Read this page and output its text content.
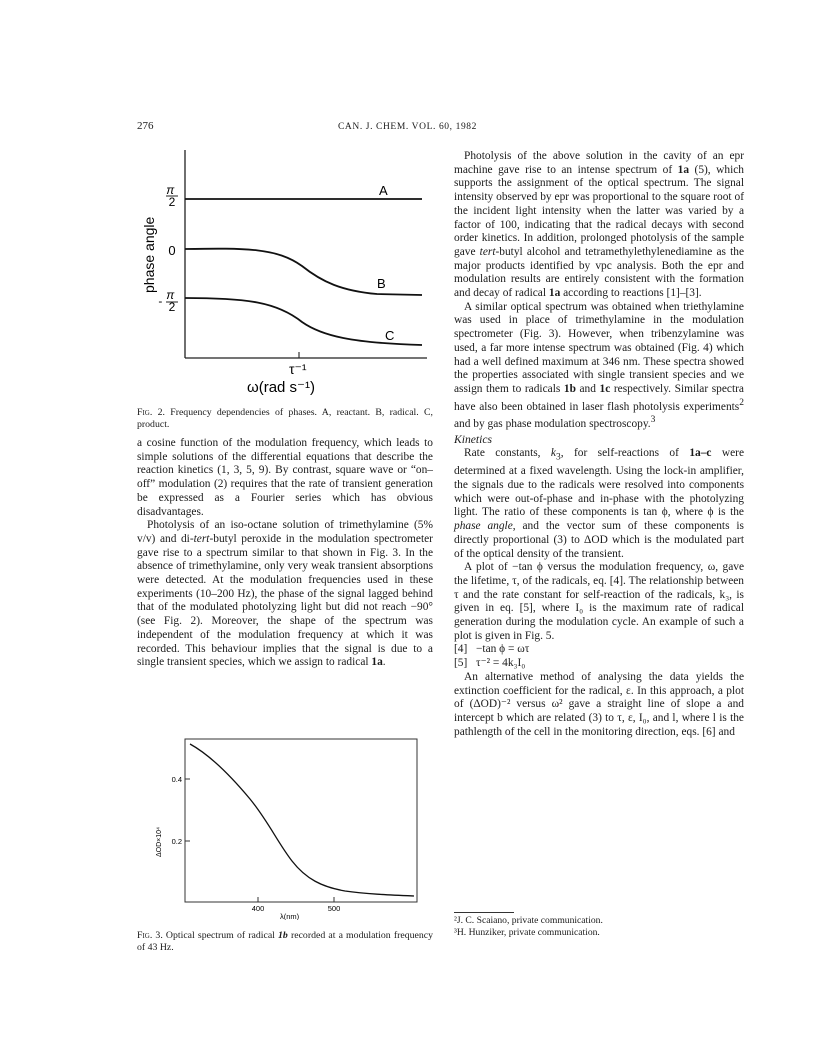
276	CAN. J. CHEM. VOL. 60, 1982
τ⁻¹
ω(rad s⁻¹)
phase angle
π 2
0
- π 2
A
B
C
Fig. 2. Frequency dependencies of phases. A, reactant. B, radical. C, product.

a cosine function of the modulation frequency, which leads to simple solutions of the differential equations that describe the reaction kinetics (1, 3, 5, 9). By contrast, square wave or “on–off” modulation (2) requires that the rate of transient generation be expressed as a Fourier series which has obvious disadvantages.

Photolysis of an iso-octane solution of trimethylamine (5% v/v) and di-tert-butyl peroxide in the modulation spectrometer gave rise to a spectrum similar to that shown in Fig. 3. In the absence of trimethylamine, only very weak transient absorptions were detected. At the modulation frequencies used in these experiments (10–200 Hz), the phase of the signal lagged behind that of the modulated photolyzing light but did not reach −90° (see Fig. 2). Moreover, the shape of the spectrum was independent of the modulation frequency at which it was recorded. This behaviour implies that the signal is due to a single transient species, which we assign to radical 1a.

0.4
0.2
400	500
λ(nm)
ΔOD×10⁴
Fig. 3. Optical spectrum of radical 1b recorded at a modulation frequency of 43 Hz.

Photolysis of the above solution in the cavity of an epr machine gave rise to an intense spectrum of 1a (5), which supports the assignment of the optical spectrum. The signal intensity observed by epr was proportional to the square root of the incident light intensity when the latter was varied by a factor of 100, indicating that the radical decays with second order kinetics. In addition, prolonged photolysis of the sample gave tert-butyl alcohol and tetramethylethylenediamine as the major products identified by vpc analysis. Both the epr and modulation results are entirely consistent with the formation and decay of radical 1a according to reactions [1]–[3].

A similar optical spectrum was obtained when triethylamine was used in place of trimethylamine in the modulation spectrometer (Fig. 3). However, when tribenzylamine was used, a far more intense spectrum was obtained (Fig. 4) which had a well defined maximum at 346 nm. These spectra showed the properties associated with single transient species and we assign them to radicals 1b and 1c respectively. Similar spectra have also been obtained in laser flash photolysis experiments$^2$ and by gas phase modulation spectroscopy.$^3$

Kinetics

Rate constants, $k_3$, for self-reactions of 1a–c were determined at a fixed wavelength. Using the lock-in amplifier, the signals due to the radicals were resolved into components which were out-of-phase and in-phase with the photolyzing light. The ratio of these components is tan ϕ, where ϕ is the phase angle, and the vector sum of these components is directly proportional (3) to ΔOD which is the modulated part of the optical density of the transient.

A plot of −tan ϕ versus the modulation frequency, ω, gave the lifetime, τ, of the radicals, eq. [4]. The relationship between τ and the rate constant for self-reaction of the radicals, k₃, is given in eq. [5], where I₀ is the maximum rate of radical generation during the modulation cycle. An example of such a plot is given in Fig. 5.

[4] −tan ϕ = ωτ

[5] τ⁻² = 4k₃I₀

An alternative method of analysing the data yields the extinction coefficient for the radical, ε. In this approach, a plot of (ΔOD)⁻² versus ω² gave a straight line of slope a and intercept b which are related (3) to τ, ε, I₀, and l, where l is the pathlength of the cell in the monitoring direction, eqs. [6] and

²J. C. Scaiano, private communication.
³H. Hunziker, private communication.
